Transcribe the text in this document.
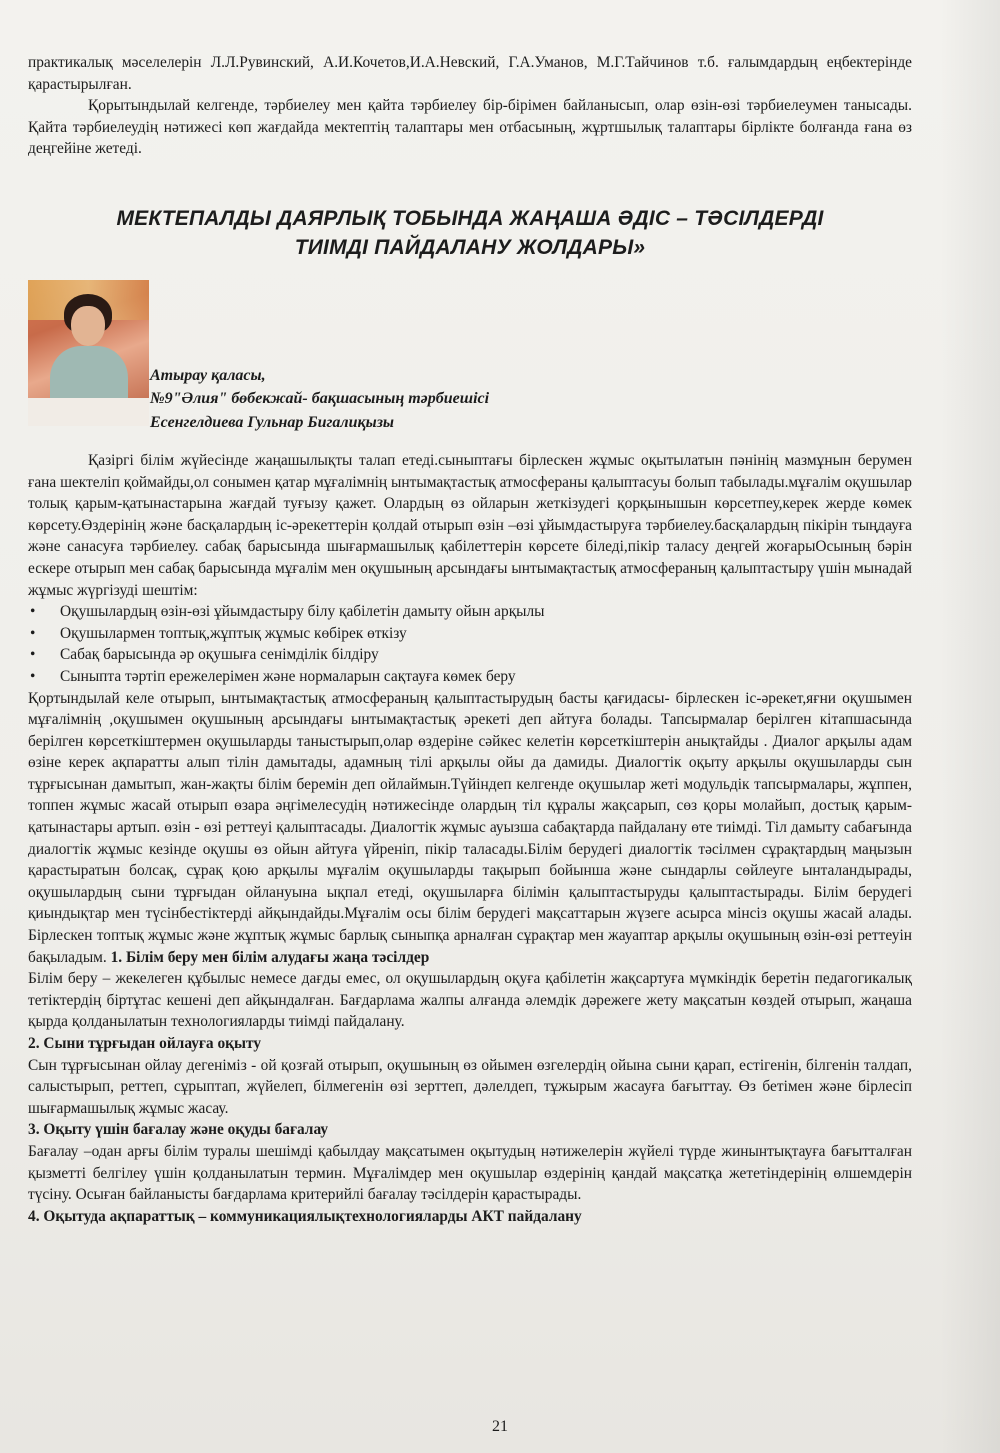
практикалық мәселелерін Л.Л.Рувинский, А.И.Кочетов,И.А.Невский, Г.А.Уманов, М.Г.Тайчинов т.б. ғалымдардың еңбектерінде қарастырылған.

Қорытындылай келгенде, тәрбиелеу мен қайта тәрбиелеу бір-бірімен байланысып, олар өзін-өзі тәрбиелеумен танысады. Қайта тәрбиелеудің нәтижесі көп жағдайда мектептің талаптары мен отбасының, жұртшылық талаптары бірлікте болғанда ғана өз деңгейіне жетеді.

МЕКТЕПАЛДЫ ДАЯРЛЫҚ ТОБЫНДА ЖАҢАША ӘДІС – ТӘСІЛДЕРДІ
ТИІМДІ ПАЙДАЛАНУ ЖОЛДАРЫ»
Атырау қаласы,
№9"Әлия" бөбекжай- бақшасының тәрбиешісі
Есенгелдиева Гульнар Бигалиқызы

Қазіргі білім жүйесінде жаңашылықты талап етеді.сыныптағы бірлескен жұмыс оқытылатын пәнінің мазмұнын берумен ғана шектеліп қоймайды,ол сонымен қатар мұғалімнің ынтымақтастық атмосфераны қалыптасуы болып табылады.мұғалім оқушылар толық қарым-қатынастарына жағдай туғызу қажет. Олардың өз ойларын жеткізудегі қорқынышын көрсетпеу,керек жерде көмек көрсету.Өздерінің және басқалардың іс-әрекеттерін қолдай отырып өзін –өзі ұйымдастыруға тәрбиелеу.басқалардың пікірін тыңдауға және санасуға тәрбиелеу. сабақ барысында шығармашылық қабілеттерін көрсете біледі,пікір таласу деңгей жоғарыОсының бәрін ескере отырып мен сабақ барысында мұғалім мен оқушының арсындағы ынтымақтастық атмосфераның қалыптастыру үшін мынадай жұмыс жүргізуді шештім:

• Оқушылардың өзін-өзі ұйымдастыру білу қабілетін дамыту ойын арқылы
• Оқушылармен топтық,жұптық жұмыс көбірек өткізу
• Сабақ барысында әр оқушыға сенімділік білдіру
• Сыныпта тәртіп ережелерімен және нормаларын сақтауға көмек беру

Қортындылай келе отырып, ынтымақтастық атмосфераның қалыптастырудың басты қағидасы- бірлескен іс-әрекет,яғни оқушымен мұғалімнің ,оқушымен оқушының арсындағы ынтымақтастық әрекеті деп айтуға болады. Тапсырмалар берілген кітапшасында берілген көрсеткіштермен оқушыларды таныстырып,олар өздеріне сәйкес келетін көрсеткіштерін анықтайды . Диалог арқылы адам өзіне керек ақпаратты алып тілін дамытады, адамның тілі арқылы ойы да дамиды. Диалогтік оқыту арқылы оқушыларды сын тұрғысынан дамытып, жан-жақты білім беремін деп ойлаймын.Түйіндеп келгенде оқушылар жеті модульдік тапсырмалары, жұппен, топпен жұмыс жасай отырып өзара әңгімелесудің нәтижесінде олардың тіл құралы жақсарып, сөз қоры молайып, достық қарым- қатынастары артып. өзін - өзі реттеуі қалыптасады. Диалогтік жұмыс ауызша сабақтарда пайдалану өте тиімді. Тіл дамыту сабағында диалогтік жұмыс кезінде оқушы өз ойын айтуға үйреніп, пікір таласады.Білім берудегі диалогтік тәсілмен сұрақтардың маңызын қарастыратын болсақ, сұрақ қою арқылы мұғалім оқушыларды тақырып бойынша және сындарлы сөйлеуге ынталандырады, оқушылардың сыни тұрғыдан ойлануына ықпал етеді, оқушыларға білімін қалыптастыруды қалыптастырады. Білім берудегі қиындықтар мен түсінбестіктерді айқындайды.Мұғалім осы білім берудегі мақсаттарын жүзеге асырса мінсіз оқушы жасай алады. Бірлескен топтық жұмыс және жұптық жұмыс барлық сыныпқа арналған сұрақтар мен жауаптар арқылы оқушының өзін-өзі реттеуін бақыладым. 1. Білім беру мен білім алудағы жаңа тәсілдер

Білім беру – жекелеген құбылыс немесе дағды емес, ол оқушылардың оқуға қабілетін жақсартуға мүмкіндік беретін педагогикалық тетіктердің біртұтас кешені деп айқындалған. Бағдарлама жалпы алғанда әлемдік дәрежеге жету мақсатын көздей отырып, жаңаша қырда қолданылатын технологияларды тиімді пайдалану.

2. Сыни тұрғыдан ойлауға оқыту

Сын тұрғысынан ойлау дегеніміз - ой қозғай отырып, оқушының өз ойымен өзгелердің ойына сыни қарап, естігенін, білгенін талдап, салыстырып, реттеп, сұрыптап, жүйелеп, білмегенін өзі зерттеп, дәлелдеп, тұжырым жасауға бағыттау. Өз бетімен және бірлесіп шығармашылық жұмыс жасау.

3. Оқыту үшін бағалау және оқуды бағалау

Бағалау –одан арғы білім туралы шешімді қабылдау мақсатымен оқытудың нәтижелерін жүйелі түрде жинынтықтауға бағытталған қызметті белгілеу үшін қолданылатын термин. Мұғалімдер мен оқушылар өздерінің қандай мақсатқа жететіндерінің өлшемдерін түсіну. Осыған байланысты бағдарлама критерийлі бағалау тәсілдерін қарастырады.

4. Оқытуда ақпараттық – коммуникациялықтехнологияларды АКТ пайдалану

21
